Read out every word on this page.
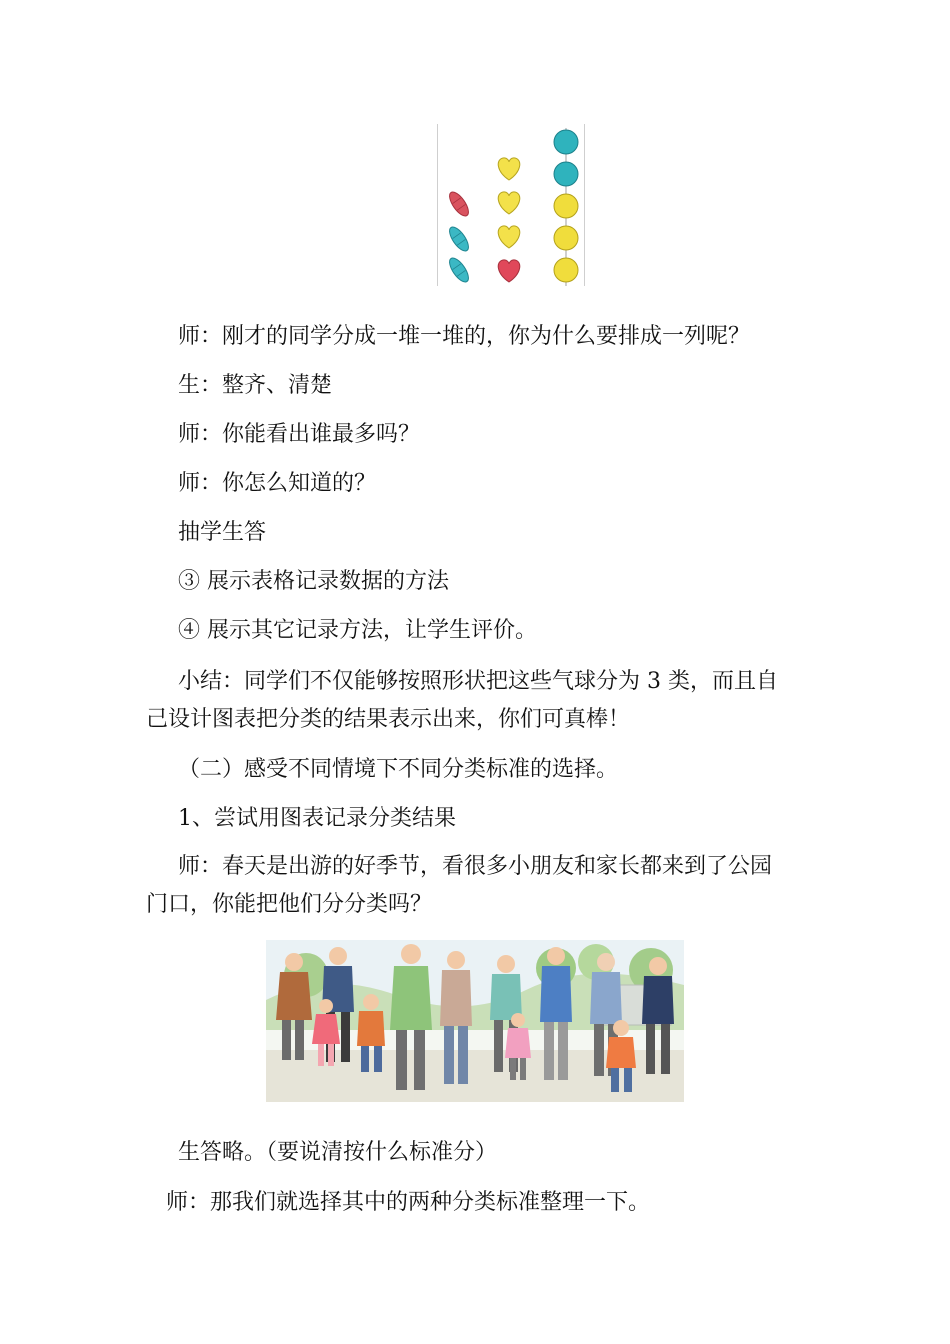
师：刚才的同学分成一堆一堆的，你为什么要排成一列呢？
生：整齐、清楚
师：你能看出谁最多吗？
师：你怎么知道的？
抽学生答
③ 展示表格记录数据的方法
④ 展示其它记录方法，让学生评价。
小结：同学们不仅能够按照形状把这些气球分为 3 类，而且自
己设计图表把分类的结果表示出来，你们可真棒！
（二）感受不同情境下不同分类标准的选择。
1、尝试用图表记录分类结果
师：春天是出游的好季节，看很多小朋友和家长都来到了公园
门口，你能把他们分分类吗？
生答略。（要说清按什么标准分）
师：那我们就选择其中的两种分类标准整理一下。
